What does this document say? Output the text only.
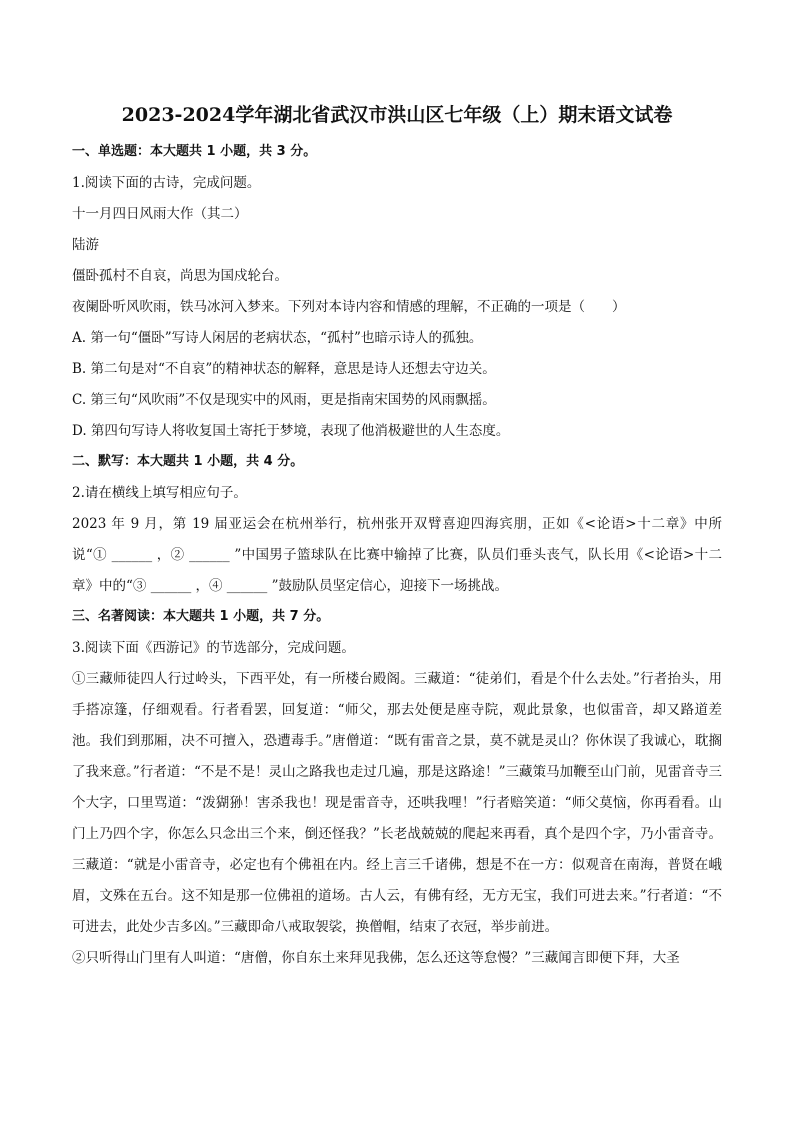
2023-2024学年湖北省武汉市洪山区七年级（上）期末语文试卷
一、单选题：本大题共 1 小题，共 3 分。
1.阅读下面的古诗，完成问题。
十一月四日风雨大作（其二）
陆游
僵卧孤村不自哀，尚思为国戍轮台。
夜阑卧听风吹雨，铁马冰河入梦来。下列对本诗内容和情感的理解，不正确的一项是（　　）
A. 第一句“僵卧”写诗人闲居的老病状态，“孤村”也暗示诗人的孤独。
B. 第二句是对“不自哀”的精神状态的解释，意思是诗人还想去守边关。
C. 第三句“风吹雨”不仅是现实中的风雨，更是指南宋国势的风雨飘摇。
D. 第四句写诗人将收复国土寄托于梦境，表现了他消极避世的人生态度。
二、默写：本大题共 1 小题，共 4 分。
2.请在横线上填写相应句子。
2023 年 9 月，第 19 届亚运会在杭州举行，杭州张开双臂喜迎四海宾朋，正如《<论语>十二章》中所说“① ______ ，② ______ ”中国男子篮球队在比赛中输掉了比赛，队员们垂头丧气，队长用《<论语>十二章》中的“③ ______ ，④ ______ ”鼓励队员坚定信心，迎接下一场挑战。
三、名著阅读：本大题共 1 小题，共 7 分。
3.阅读下面《西游记》的节选部分，完成问题。
①三藏师徒四人行过岭头，下西平处，有一所楼台殿阁。三藏道：“徒弟们，看是个什么去处。”行者抬头，用手搭凉篷，仔细观看。行者看罢，回复道：“师父，那去处便是座寺院，观此景象，也似雷音，却又路道差池。我们到那厢，决不可擅入，恐遭毒手。”唐僧道：“既有雷音之景，莫不就是灵山？你休误了我诚心，耽搁了我来意。”行者道：“不是不是！灵山之路我也走过几遍，那是这路途！”三藏策马加鞭至山门前，见雷音寺三个大字，口里骂道：“泼猢狲！害杀我也！现是雷音寺，还哄我哩！”行者赔笑道：“师父莫恼，你再看看。山门上乃四个字，你怎么只念出三个来，倒还怪我？”长老战兢兢的爬起来再看，真个是四个字，乃小雷音寺。三藏道：“就是小雷音寺，必定也有个佛祖在内。经上言三千诸佛，想是不在一方：似观音在南海，普贤在峨眉，文殊在五台。这不知是那一位佛祖的道场。古人云，有佛有经，无方无宝，我们可进去来。”行者道：“不可进去，此处少吉多凶。”三藏即命八戒取袈裟，换僧帽，结束了衣冠，举步前进。
②只听得山门里有人叫道：“唐僧，你自东土来拜见我佛，怎么还这等怠慢？”三藏闻言即便下拜，大圣
